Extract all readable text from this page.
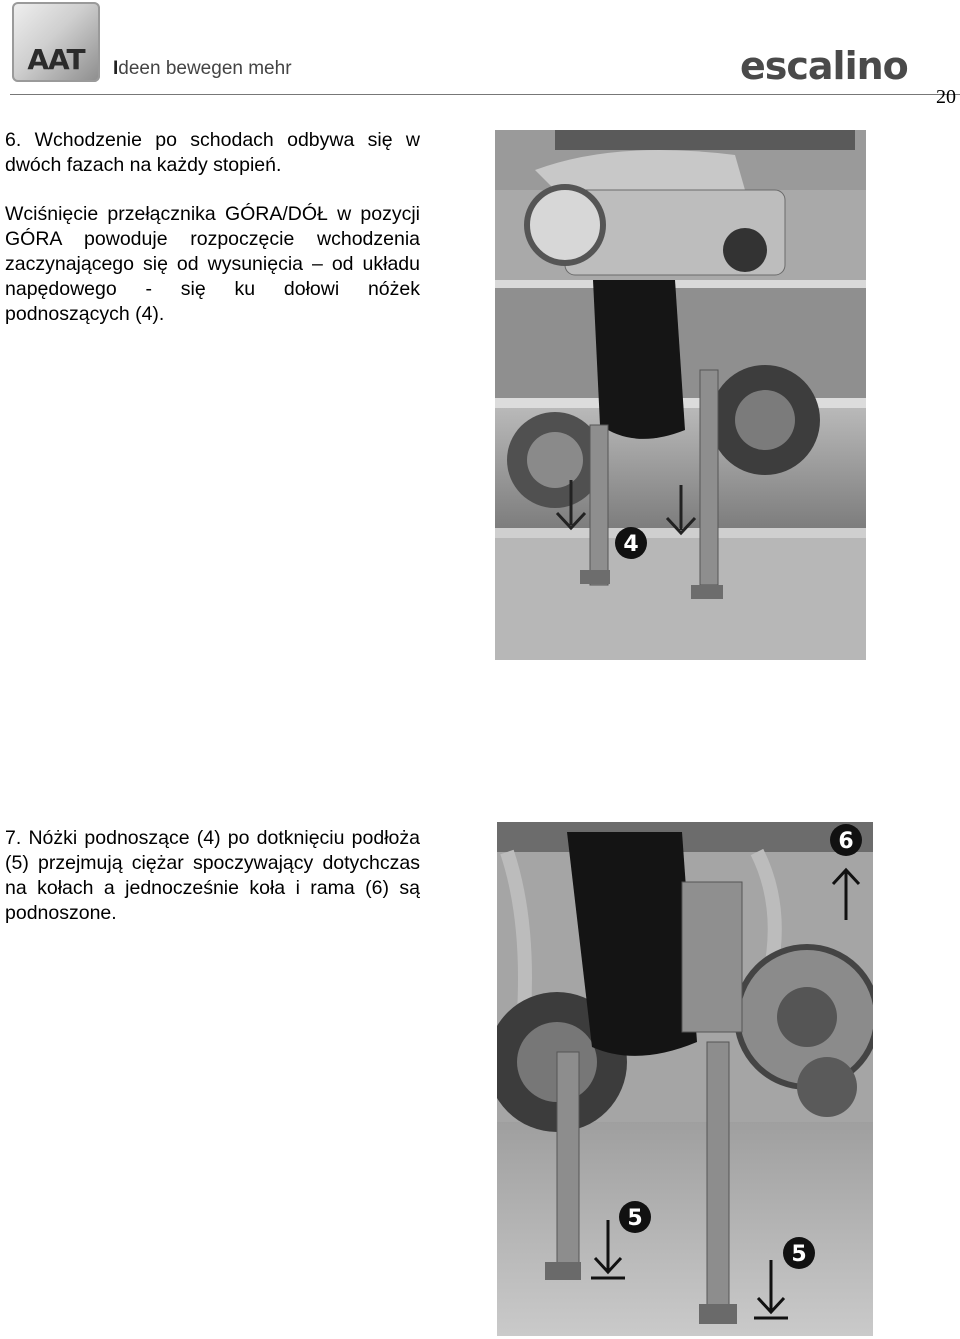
AAT	Ideen bewegen mehr	escalino
20
6. Wchodzenie po schodach odbywa się w dwóch fazach na każdy stopień.
Wciśnięcie przełącznika GÓRA/DÓŁ w pozycji GÓRA powoduje rozpoczęcie wchodzenia zaczynającego się od wysunięcia – od układu napędowego - się ku dołowi nóżek podnoszących (4).
7. Nóżki podnoszące (4) po dotknięciu podłoża (5) przejmują ciężar spoczywający dotychczas na kołach a jednocześnie koła i rama (6) są podnoszone.
4
6
5
5
